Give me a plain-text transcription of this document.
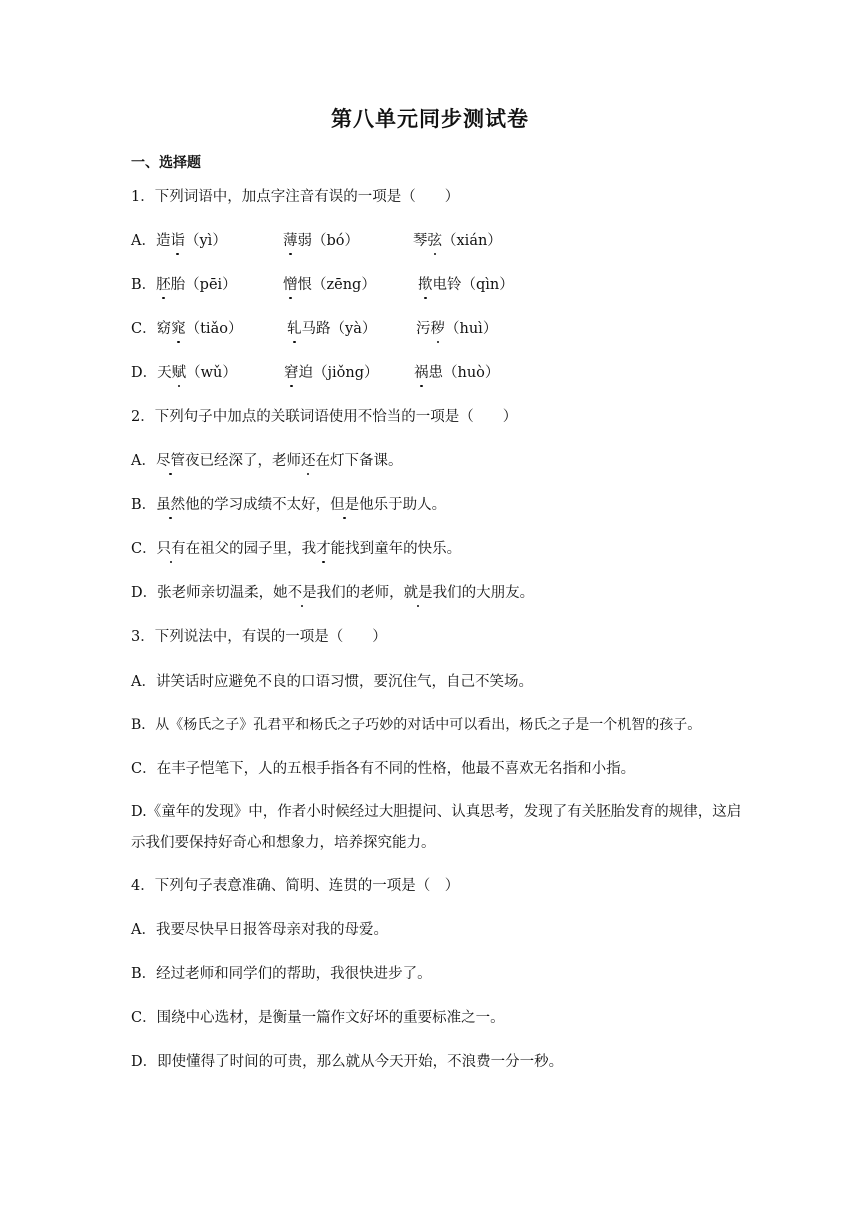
第八单元同步测试卷
一、选择题
1．下列词语中，加点字注音有误的一项是（　　）
A．造诣（yì）	薄弱（bó）	琴弦（xián）
B．胚胎（pēi）	憎恨（zēng）	揿电铃（qìn）
C．窈窕（tiǎo）	轧马路（yà）	污秽（huì）
D．天赋（wǔ）	窘迫（jiǒng） 祸患（huò）
2．下列句子中加点的关联词语使用不恰当的一项是（　　）
A．尽管夜已经深了，老师还在灯下备课。
B．虽然他的学习成绩不太好，但是他乐于助人。
C．只有在祖父的园子里，我才能找到童年的快乐。
D．张老师亲切温柔，她不是我们的老师，就是我们的大朋友。
3．下列说法中，有误的一项是（　　）
A．讲笑话时应避免不良的口语习惯，要沉住气，自己不笑场。
B．从《杨氏之子》孔君平和杨氏之子巧妙的对话中可以看出，杨氏之子是一个机智的孩子。
C．在丰子恺笔下，人的五根手指各有不同的性格，他最不喜欢无名指和小指。
D.《童年的发现》中，作者小时候经过大胆提问、认真思考，发现了有关胚胎发育的规律，这启示我们要保持好奇心和想象力，培养探究能力。
4．下列句子表意准确、简明、连贯的一项是（　）
A．我要尽快早日报答母亲对我的母爱。
B．经过老师和同学们的帮助，我很快进步了。
C．围绕中心选材，是衡量一篇作文好坏的重要标准之一。
D．即使懂得了时间的可贵，那么就从今天开始，不浪费一分一秒。
